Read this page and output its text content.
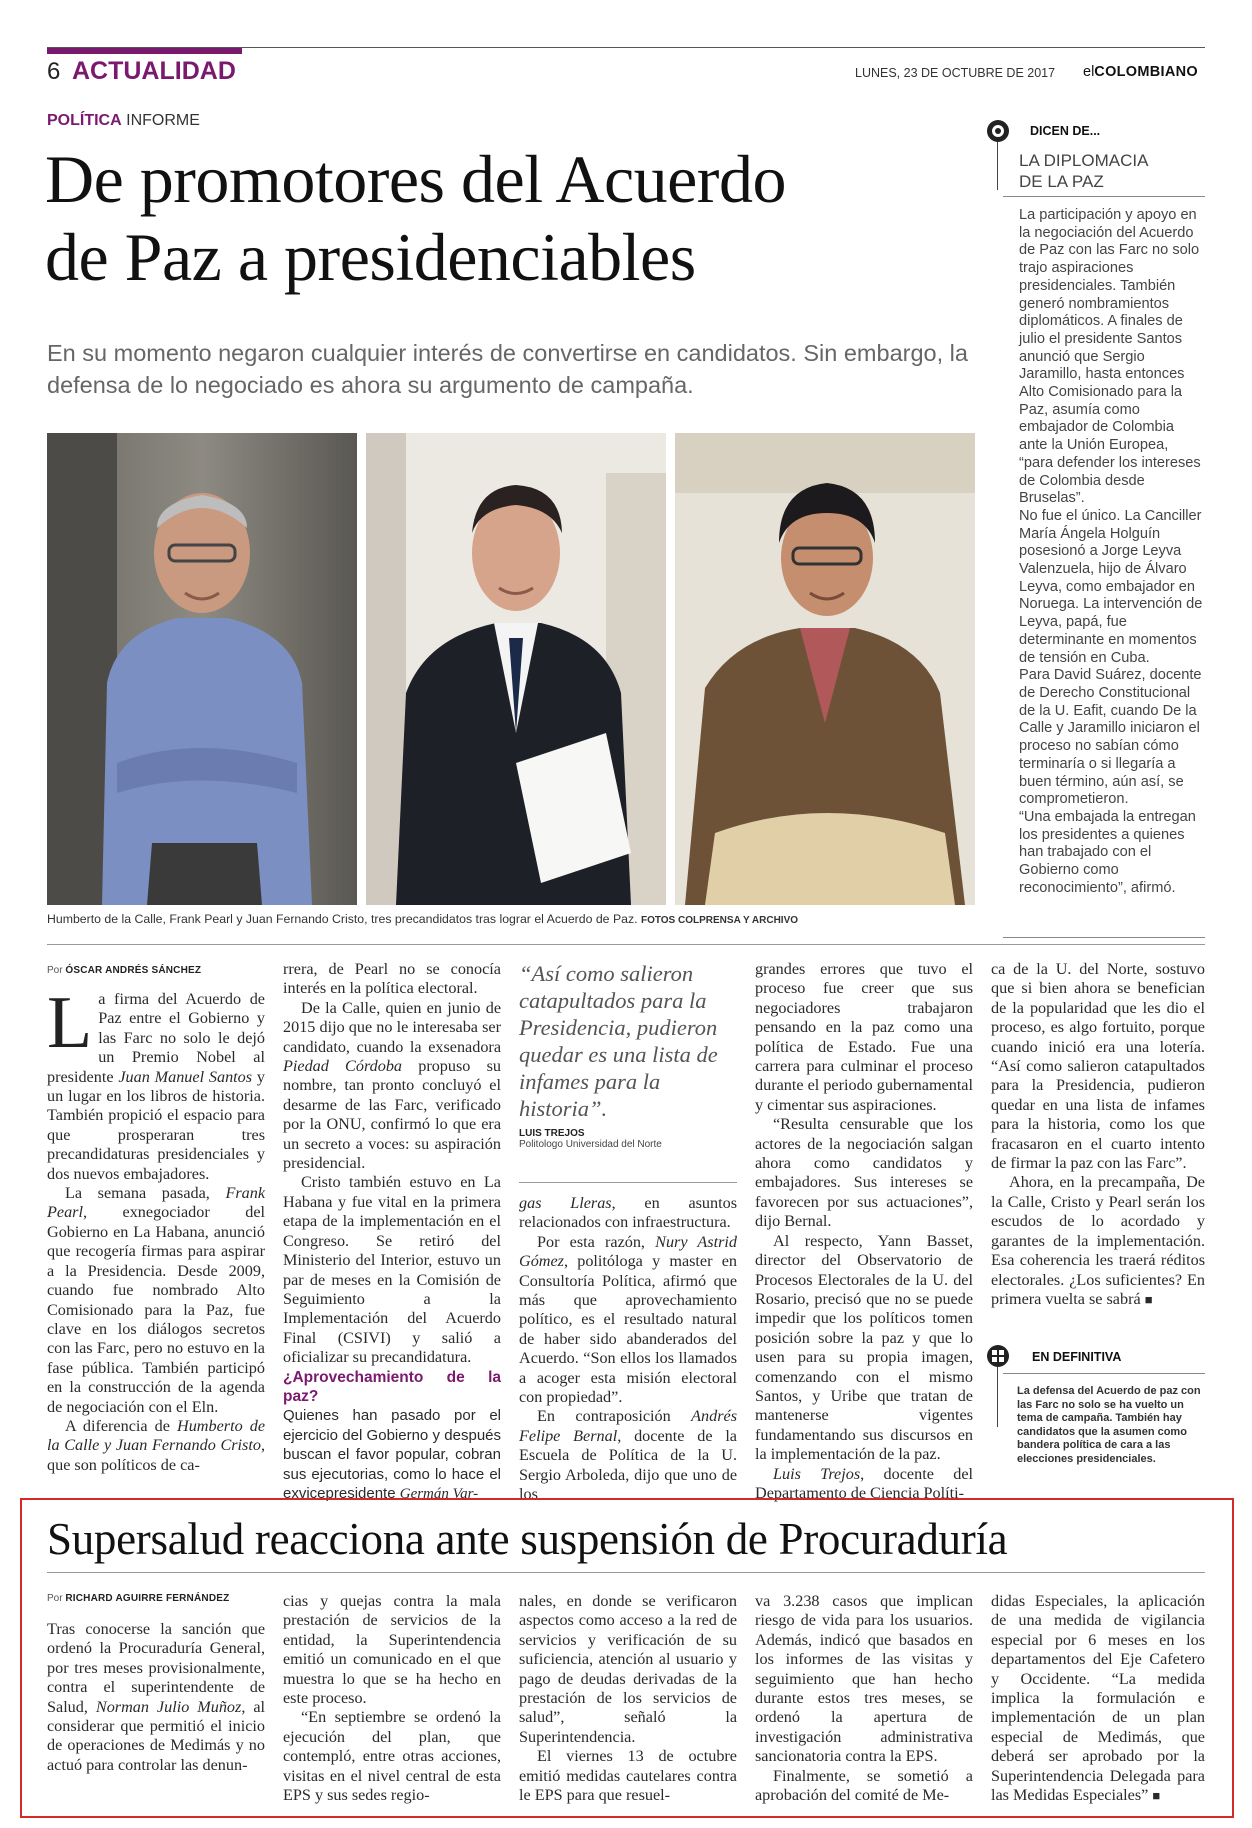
6 ACTUALIDAD	LUNES, 23 DE OCTUBRE DE 2017 elCOLOMBIANO
POLÍTICA INFORME
De promotores del Acuerdo
de Paz a presidenciables
En su momento negaron cualquier interés de convertirse en candidatos. Sin embargo, la defensa de lo negociado es ahora su argumento de campaña.
Humberto de la Calle, Frank Pearl y Juan Fernando Cristo, tres precandidatos tras lograr el Acuerdo de Paz. FOTOS COLPRENSA Y ARCHIVO
DICEN DE...
LA DIPLOMACIA
DE LA PAZ

La participación y apoyo en la negociación del Acuerdo de Paz con las Farc no solo trajo aspiraciones presidenciales. También generó nombramientos diplomáticos. A finales de julio el presidente Santos anunció que Sergio Jaramillo, hasta entonces Alto Comisionado para la Paz, asumía como embajador de Colombia ante la Unión Europea, “para defender los intereses de Colombia desde Bruselas”.

No fue el único. La Canciller María Ángela Holguín posesionó a Jorge Leyva Valenzuela, hijo de Álvaro Leyva, como embajador en Noruega. La intervención de Leyva, papá, fue determinante en momentos de tensión en Cuba.

Para David Suárez, docente de Derecho Constitucional de la U. Eafit, cuando De la Calle y Jaramillo iniciaron el proceso no sabían cómo terminaría o si llegaría a buen término, aún así, se comprometieron.

“Una embajada la entregan los presidentes a quienes han trabajado con el Gobierno como reconocimiento”, afirmó.

Por ÓSCAR ANDRÉS SÁNCHEZ

La firma del Acuerdo de Paz entre el Gobierno y las Farc no solo le dejó un Premio Nobel al presidente Juan Manuel Santos y un lugar en los libros de historia. También propició el espacio para que prosperaran tres precandidaturas presidenciales y dos nuevos embajadores.

La semana pasada, Frank Pearl, exnegociador del Gobierno en La Habana, anunció que recogería firmas para aspirar a la Presidencia. Desde 2009, cuando fue nombrado Alto Comisionado para la Paz, fue clave en los diálogos secretos con las Farc, pero no estuvo en la fase pública. También participó en la construcción de la agenda de negociación con el Eln.

A diferencia de Humberto de la Calle y Juan Fernando Cristo, que son políticos de ca-

rrera, de Pearl no se conocía interés en la política electoral.

De la Calle, quien en junio de 2015 dijo que no le interesaba ser candidato, cuando la exsenadora Piedad Córdoba propuso su nombre, tan pronto concluyó el desarme de las Farc, verificado por la ONU, confirmó lo que era un secreto a voces: su aspiración presidencial.

Cristo también estuvo en La Habana y fue vital en la primera etapa de la implementación en el Congreso. Se retiró del Ministerio del Interior, estuvo un par de meses en la Comisión de Seguimiento a la Implementación del Acuerdo Final (CSIVI) y salió a oficializar su precandidatura.

¿Aprovechamiento de la paz?

Quienes han pasado por el ejercicio del Gobierno y después buscan el favor popular, cobran sus ejecutorias, como lo hace el exvicepresidente Germán Var-

“Así como salieron catapultados para la Presidencia, pudieron quedar es una lista de infames para la historia”.
LUIS TREJOS
Politologo Universidad del Norte

gas Lleras, en asuntos relacionados con infraestructura.

Por esta razón, Nury Astrid Gómez, politóloga y master en Consultoría Política, afirmó que más que aprovechamiento político, es el resultado natural de haber sido abanderados del Acuerdo. “Son ellos los llamados a acoger esta misión electoral con propiedad”.

En contraposición Andrés Felipe Bernal, docente de la Escuela de Política de la U. Sergio Arboleda, dijo que uno de los

grandes errores que tuvo el proceso fue creer que sus negociadores trabajaron pensando en la paz como una política de Estado. Fue una carrera para culminar el proceso durante el periodo gubernamental y cimentar sus aspiraciones.

“Resulta censurable que los actores de la negociación salgan ahora como candidatos y embajadores. Sus intereses se favorecen por sus actuaciones”, dijo Bernal.

Al respecto, Yann Basset, director del Observatorio de Procesos Electorales de la U. del Rosario, precisó que no se puede impedir que los políticos tomen posición sobre la paz y que lo usen para su propia imagen, comenzando con el mismo Santos, y Uribe que tratan de mantenerse vigentes fundamentando sus discursos en la implementación de la paz.

Luis Trejos, docente del Departamento de Ciencia Políti-

ca de la U. del Norte, sostuvo que si bien ahora se benefician de la popularidad que les dio el proceso, es algo fortuito, porque cuando inició era una lotería. “Así como salieron catapultados para la Presidencia, pudieron quedar en una lista de infames para la historia, como los que fracasaron en el cuarto intento de firmar la paz con las Farc”.

Ahora, en la precampaña, De la Calle, Cristo y Pearl serán los escudos de lo acordado y garantes de la implementación. Esa coherencia les traerá réditos electorales. ¿Los suficientes? En primera vuelta se sabrá ■

EN DEFINITIVA
La defensa del Acuerdo de paz con las Farc no solo se ha vuelto un tema de campaña. También hay candidatos que la asumen como bandera política de cara a las elecciones presidenciales.
Supersalud reacciona ante suspensión de Procuraduría
Por RICHARD AGUIRRE FERNÁNDEZ

Tras conocerse la sanción que ordenó la Procuraduría General, por tres meses provisionalmente, contra el superintendente de Salud, Norman Julio Muñoz, al considerar que permitió el inicio de operaciones de Medimás y no actuó para controlar las denun-

cias y quejas contra la mala prestación de servicios de la entidad, la Superintendencia emitió un comunicado en el que muestra lo que se ha hecho en este proceso.

“En septiembre se ordenó la ejecución del plan, que contempló, entre otras acciones, visitas en el nivel central de esta EPS y sus sedes regio-

nales, en donde se verificaron aspectos como acceso a la red de servicios y verificación de su suficiencia, atención al usuario y pago de deudas derivadas de la prestación de los servicios de salud”, señaló la Superintendencia.

El viernes 13 de octubre emitió medidas cautelares contra le EPS para que resuel-

va 3.238 casos que implican riesgo de vida para los usuarios. Además, indicó que basados en los informes de las visitas y seguimiento que han hecho durante estos tres meses, se ordenó la apertura de investigación administrativa sancionatoria contra la EPS.

Finalmente, se sometió a aprobación del comité de Me-

didas Especiales, la aplicación de una medida de vigilancia especial por 6 meses en los departamentos del Eje Cafetero y Occidente. “La medida implica la formulación e implementación de un plan especial de Medimás, que deberá ser aprobado por la Superintendencia Delegada para las Medidas Especiales” ■
